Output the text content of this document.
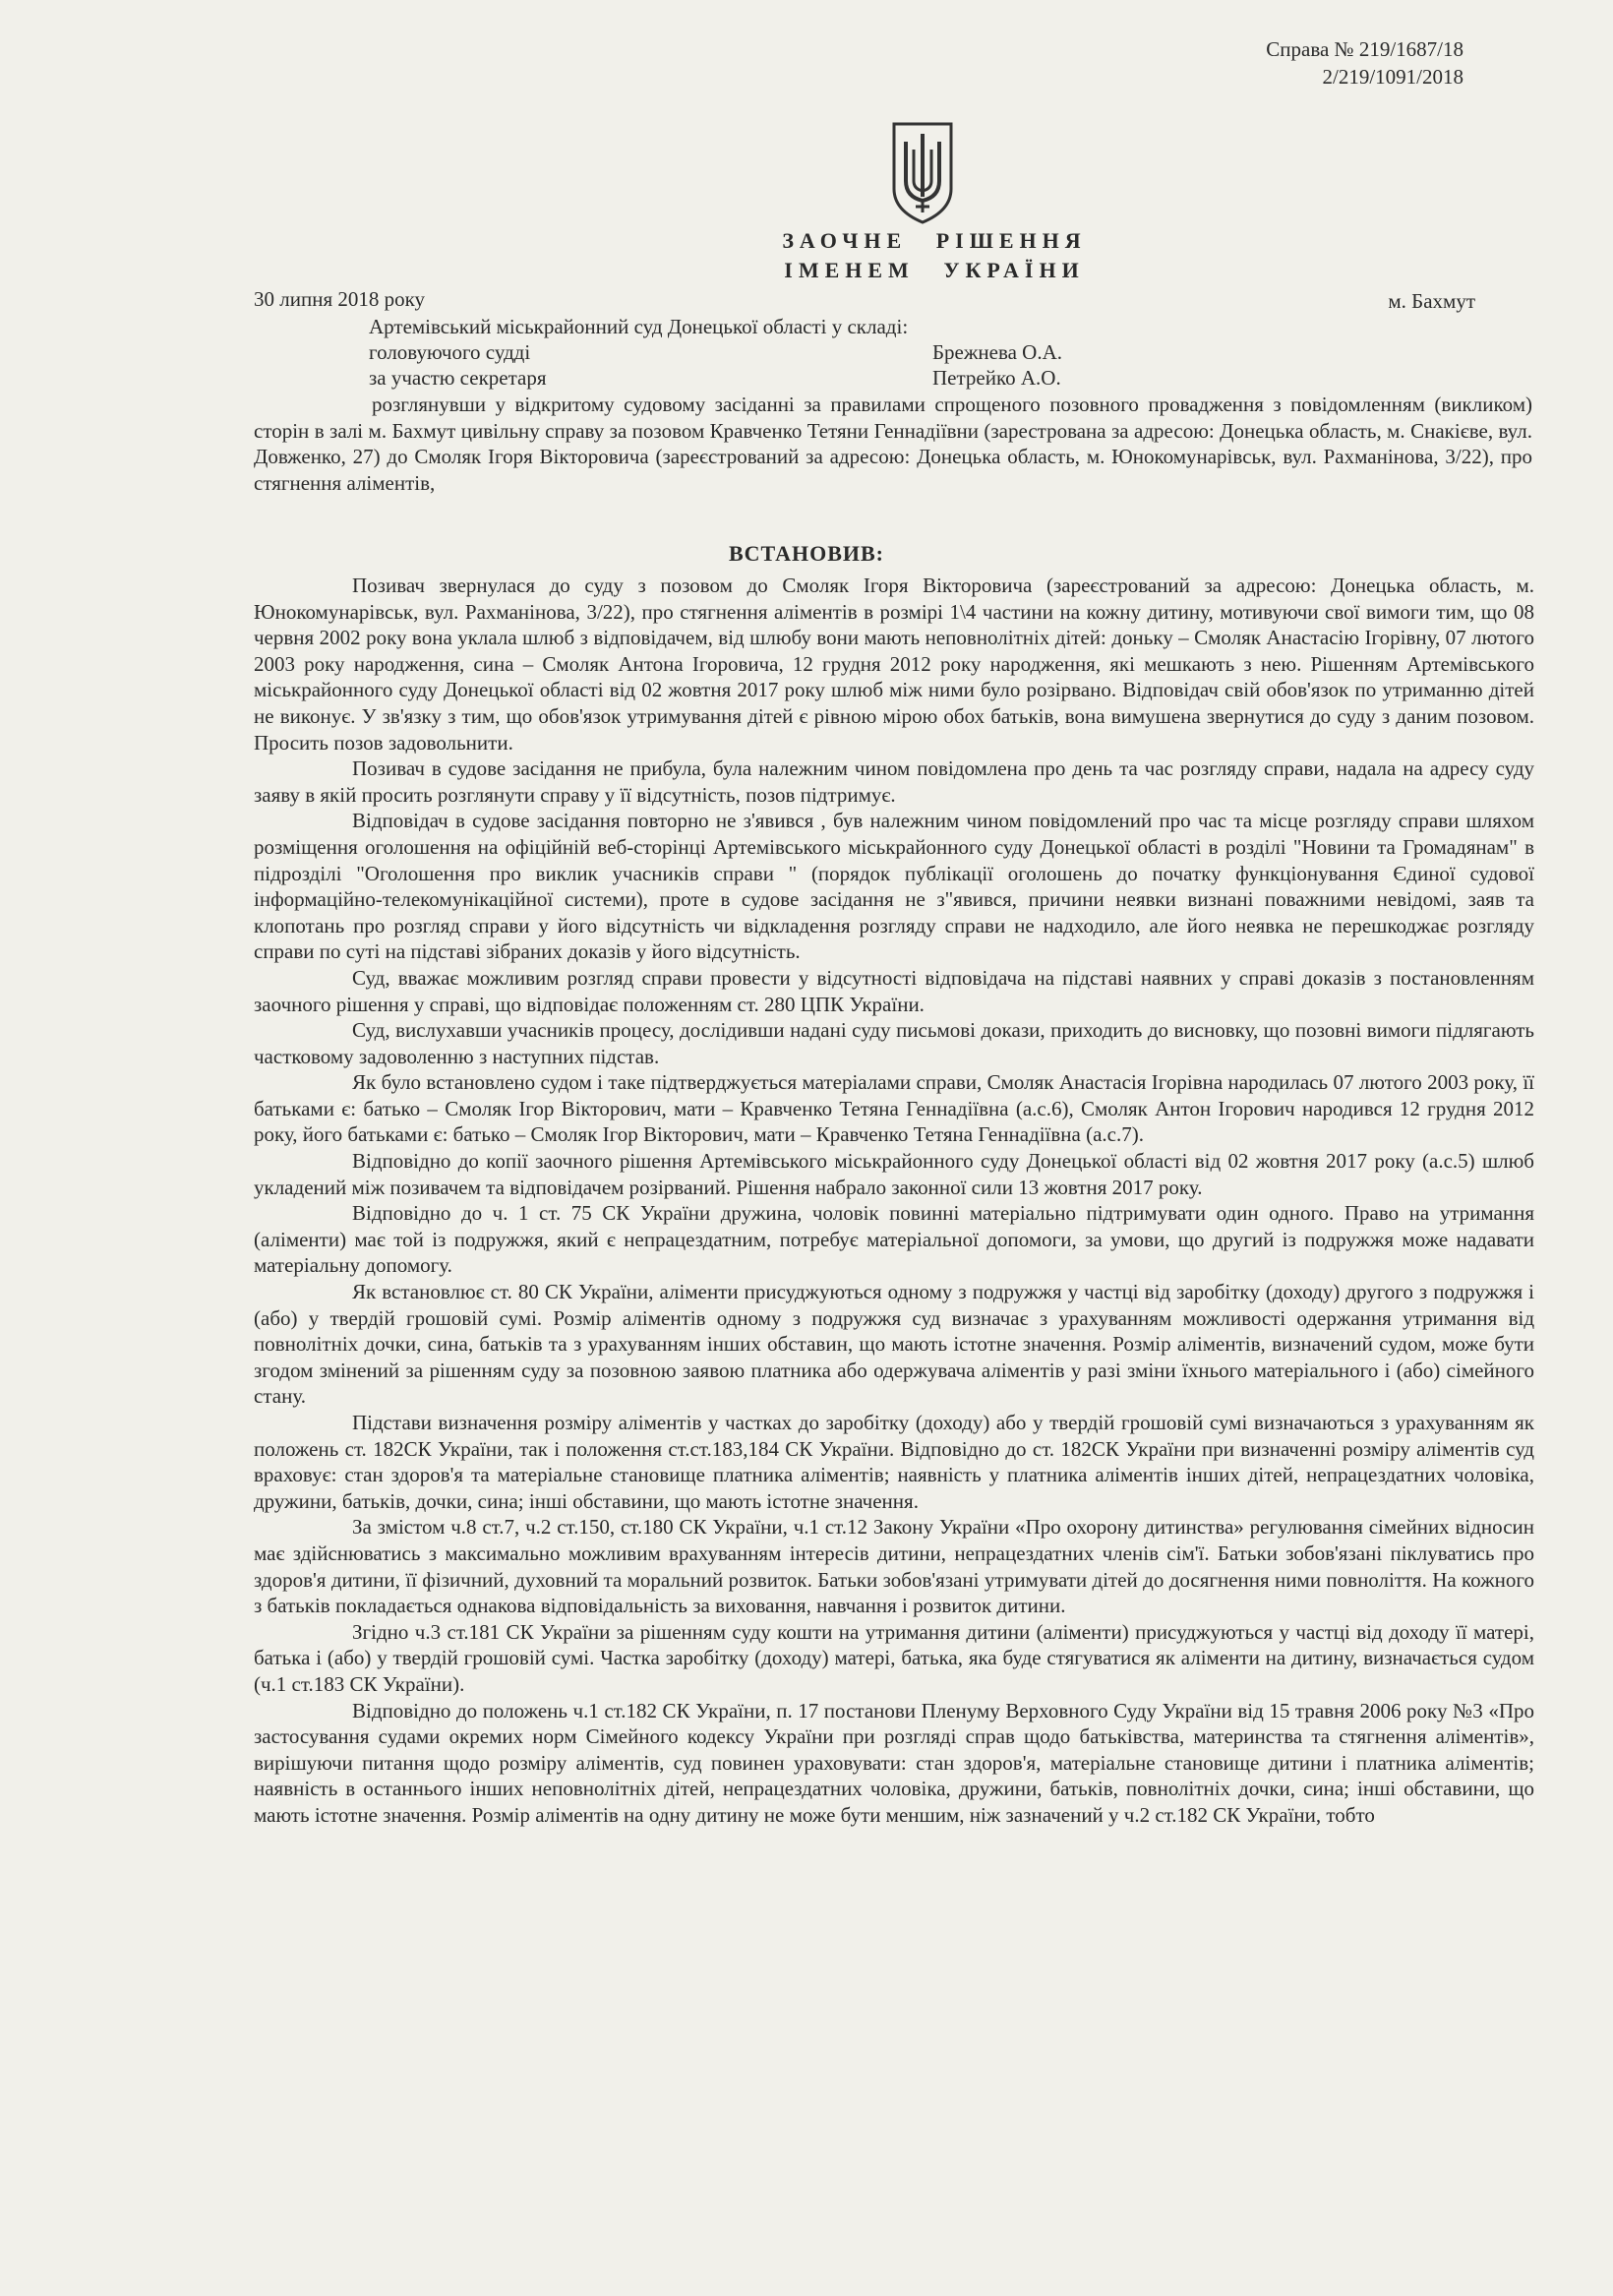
Справа № 219/1687/18
2/219/1091/2018
ЗАОЧНЕ РІШЕННЯ
ІМЕНЕМ УКРАЇНИ
30 липня 2018 року	м. Бахмут
Артемівський міськрайонний суд Донецької області у складі:
головуючого судді	Брежнева О.А.
за участю секретаря	Петрейко А.О.

розглянувши у відкритому судовому засіданні за правилами спрощеного позовного провадження з повідомленням (викликом) сторін в залі м. Бахмут цивільну справу за позовом Кравченко Тетяни Геннадіївни (зарестрована за адресою: Донецька область, м. Снакієве, вул. Довженко, 27) до Смоляк Ігоря Вікторовича (зареєстрований за адресою: Донецька область, м. Юнокомунарівськ, вул. Рахманінова, 3/22), про стягнення аліментів,

ВСТАНОВИВ:

Позивач звернулася до суду з позовом до Смоляк Ігоря Вікторовича (зареєстрований за адресою: Донецька область, м. Юнокомунарівськ, вул. Рахманінова, 3/22), про стягнення аліментів в розмірі 1\4 частини на кожну дитину, мотивуючи свої вимоги тим, що 08 червня 2002 року вона уклала шлюб з відповідачем, від шлюбу вони мають неповнолітніх дітей: доньку – Смоляк Анастасію Ігорівну, 07 лютого 2003 року народження, сина – Смоляк Антона Ігоровича, 12 грудня 2012 року народження, які мешкають з нею. Рішенням Артемівського міськрайонного суду Донецької області від 02 жовтня 2017 року шлюб між ними було розірвано. Відповідач свій обов'язок по утриманню дітей не виконує. У зв'язку з тим, що обов'язок утримування дітей є рівною мірою обох батьків, вона вимушена звернутися до суду з даним позовом. Просить позов задовольнити.

Позивач в судове засідання не прибула, була належним чином повідомлена про день та час розгляду справи, надала на адресу суду заяву в якій просить розглянути справу у її відсутність, позов підтримує.

Відповідач в судове засідання повторно не з'явився , був належним чином повідомлений про час та місце розгляду справи шляхом розміщення оголошення на офіційній веб-сторінці Артемівського міськрайонного суду Донецької області в розділі "Новини та Громадянам" в підрозділі "Оголошення про виклик учасників справи " (порядок публікації оголошень до початку функціонування Єдиної судової інформаційно-телекомунікаційної системи), проте в судове засідання не з"явився, причини неявки визнані поважними невідомі, заяв та клопотань про розгляд справи у його відсутність чи відкладення розгляду справи не надходило, але його неявка не перешкоджає розгляду справи по суті на підставі зібраних доказів у його відсутність.

Суд, вважає можливим розгляд справи провести у відсутності відповідача на підставі наявних у справі доказів з постановленням заочного рішення у справі, що відповідає положенням ст. 280 ЦПК України.

Суд, вислухавши учасників процесу, дослідивши надані суду письмові докази, приходить до висновку, що позовні вимоги підлягають частковому задоволенню з наступних підстав.

Як було встановлено судом і таке підтверджується матеріалами справи, Смоляк Анастасія Ігорівна народилась 07 лютого 2003 року, її батьками є: батько – Смоляк Ігор Вікторович, мати – Кравченко Тетяна Геннадіївна (а.с.6), Смоляк Антон Ігорович народився 12 грудня 2012 року, його батьками є: батько – Смоляк Ігор Вікторович, мати – Кравченко Тетяна Геннадіївна (а.с.7).

Відповідно до копії заочного рішення Артемівського міськрайонного суду Донецької області від 02 жовтня 2017 року (а.с.5) шлюб укладений між позивачем та відповідачем розірваний. Рішення набрало законної сили 13 жовтня 2017 року.

Відповідно до ч. 1 ст. 75 СК України дружина, чоловік повинні матеріально підтримувати один одного. Право на утримання (аліменти) має той із подружжя, який є непрацездатним, потребує матеріальної допомоги, за умови, що другий із подружжя може надавати матеріальну допомогу.

Як встановлює ст. 80 СК України, аліменти присуджуються одному з подружжя у частці від заробітку (доходу) другого з подружжя і (або) у твердій грошовій сумі. Розмір аліментів одному з подружжя суд визначає з урахуванням можливості одержання утримання від повнолітніх дочки, сина, батьків та з урахуванням інших обставин, що мають істотне значення. Розмір аліментів, визначений судом, може бути згодом змінений за рішенням суду за позовною заявою платника або одержувача аліментів у разі зміни їхнього матеріального і (або) сімейного стану.

Підстави визначення розміру аліментів у частках до заробітку (доходу) або у твердій грошовій сумі визначаються з урахуванням як положень ст. 182СК України, так і положення ст.ст.183,184 СК України. Відповідно до ст. 182СК України при визначенні розміру аліментів суд враховує: стан здоров'я та матеріальне становище платника аліментів; наявність у платника аліментів інших дітей, непрацездатних чоловіка, дружини, батьків, дочки, сина; інші обставини, що мають істотне значення.

За змістом ч.8 ст.7, ч.2 ст.150, ст.180 СК України, ч.1 ст.12 Закону України «Про охорону дитинства» регулювання сімейних відносин має здійснюватись з максимально можливим врахуванням інтересів дитини, непрацездатних членів сім'ї. Батьки зобов'язані піклуватись про здоров'я дитини, її фізичний, духовний та моральний розвиток. Батьки зобов'язані утримувати дітей до досягнення ними повноліття. На кожного з батьків покладається однакова відповідальність за виховання, навчання і розвиток дитини.

Згідно ч.3 ст.181 СК України за рішенням суду кошти на утримання дитини (аліменти) присуджуються у частці від доходу її матері, батька і (або) у твердій грошовій сумі. Частка заробітку (доходу) матері, батька, яка буде стягуватися як аліменти на дитину, визначається судом (ч.1 ст.183 СК України).

Відповідно до положень ч.1 ст.182 СК України, п. 17 постанови Пленуму Верховного Суду України від 15 травня 2006 року №3 «Про застосування судами окремих норм Сімейного кодексу України при розгляді справ щодо батьківства, материнства та стягнення аліментів», вирішуючи питання щодо розміру аліментів, суд повинен ураховувати: стан здоров'я, матеріальне становище дитини і платника аліментів; наявність в останнього інших неповнолітніх дітей, непрацездатних чоловіка, дружини, батьків, повнолітніх дочки, сина; інші обставини, що мають істотне значення. Розмір аліментів на одну дитину не може бути меншим, ніж зазначений у ч.2 ст.182 СК України, тобто
